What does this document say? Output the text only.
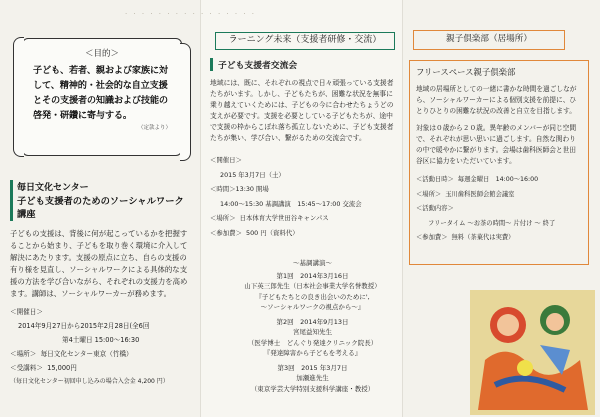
＜目的＞
子ども、若者、親および家族に対して、精神的・社会的な自立支援とその支援者の知識および技能の啓発・研鑽に寄与する。
（定款より）
毎日文化センター
子ども支援者のためのソーシャルワーク講座
子どもの支援は、背後に何が起こっているかを把握することから始まり、子どもを取り巻く環境に介入して解決にあたります。支援の原点に立ち、自らの支援の有り様を見直し、ソーシャルワークによる具体的な支援の方法を学び合いながら、それぞれの支援力を高めます。講師は、ソーシャルワーカーが務めます。
＜開催日＞
2014年9月27日から2015年2月28日(全6回
第4土曜日 15:00〜16:30
＜場所＞ 毎日文化センター東京（竹橋）
＜受講料＞ 15,000円
（毎日文化センター初回申し込みの場合入会金 4,200 円）
ラーニング未来（支援者研修・交流）
· · · · · · · · · · · · · · · ·
子ども支援者交流会
地域には、既に、それぞれの視点で日々頑張っている支援者たちがいます。しかし、子どもたちが、困難な状況を無事に乗り越えていくためには、子どもの今に合わせたちょうどの支えが必要です。支援を必要としている子どもたちが、途中で支援の枠からこぼれ落ち孤立しないために、子ども支援者たちが集い、学び合い、繋がるための交流会です。
＜開催日＞
2015 年3月7日（土）
＜時間＞13:30 開場
14:00〜15:30 基調講演　15:45〜17:00 交流会
＜場所＞ 日本体育大学世田谷キャンパス
＜参加費＞ 500 円（資料代）
〜基調講演〜
第1回　2014年3月16日
山下英三郎先生（日本社会事業大学名誉教授）
『子どもたちとの良き出会いのために',
〜ソーシャルワークの視点から〜』
第2回　2014年9月13日
宮尾益知先生
（医学博士　どんぐり発達クリニック院長）
『発達障害から子どもを考える』
第3回　2015 年3月7日
加瀬進先生
（東京学芸大学特別支援科学講座・教授）
親子倶楽部（居場所）
フリースペース親子倶楽部
地域の居場所としての一緒に書かな時間を過ごしながら、ソーシャルワーカーによる個別支援を前提に、ひとりひとりの困難な状況の改善と自立を目指します。
対象は０歳から２０歳。異年齢のメンバーが同じ空間で、それぞれが思い思いに過ごします。自然な関わりの中で暖やかに繋がります。会場は歯科医師会と世田谷区に協力をいただいています。
＜活動日時＞ 毎週金曜日　14:00〜16:00
＜場所＞ 玉川歯科医師会館会議室
＜活動内容＞
フリータイム 〜お茶の時間〜 片付け 〜 終了
＜参加費＞ 無料（茶菓代は実費）
